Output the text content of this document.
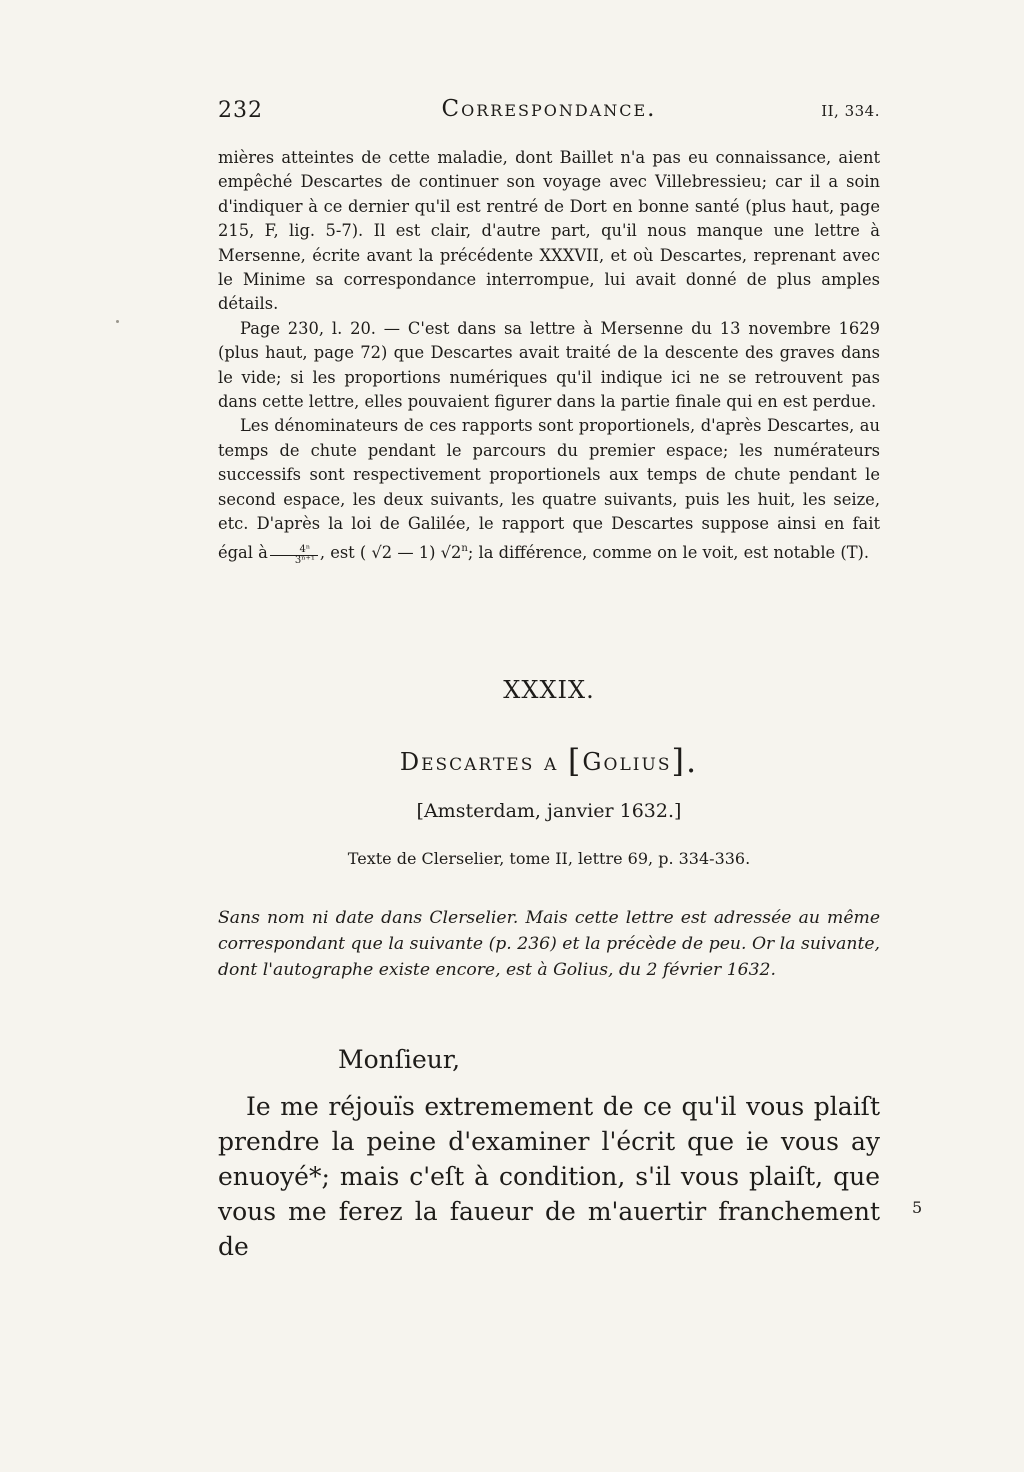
232	Correspondance.	II, 334.

mières atteintes de cette maladie, dont Baillet n'a pas eu connaissance, aient empêché Descartes de continuer son voyage avec Villebressieu; car il a soin d'indiquer à ce dernier qu'il est rentré de Dort en bonne santé (plus haut, page 215, F, lig. 5-7). Il est clair, d'autre part, qu'il nous manque une lettre à Mersenne, écrite avant la précédente XXXVII, et où Descartes, reprenant avec le Minime sa correspondance interrompue, lui avait donné de plus amples détails.

Page 230, l. 20. — C'est dans sa lettre à Mersenne du 13 novembre 1629 (plus haut, page 72) que Descartes avait traité de la descente des graves dans le vide; si les proportions numériques qu'il indique ici ne se retrouvent pas dans cette lettre, elles pouvaient figurer dans la partie finale qui en est perdue.

Les dénominateurs de ces rapports sont proportionels, d'après Descartes, au temps de chute pendant le parcours du premier espace; les numérateurs successifs sont respectivement proportionels aux temps de chute pendant le second espace, les deux suivants, les quatre suivants, puis les huit, les seize, etc. D'après la loi de Galilée, le rapport que Descartes suppose ainsi en fait égal à $\frac{\text{4ⁿ}}{\text{3ⁿ⁺¹}}$ , est ( √2 — 1) √2$^n$; la différence, comme on le voit, est notable (T).

XXXIX.
Descartes a [Golius].
[Amsterdam, janvier 1632.]
Texte de Clerselier, tome II, lettre 69, p. 334-336.

Sans nom ni date dans Clerselier. Mais cette lettre est adressée au même correspondant que la suivante (p. 236) et la précède de peu. Or la suivante, dont l'autographe existe encore, est à Golius, du 2 février 1632.

Monſieur,

Ie me réjouïs extremement de ce qu'il vous plaiſt prendre la peine d'examiner l'écrit que ie vous ay enuoyé*; mais c'eſt à condition, s'il vous plaiſt, que vous me ferez la faueur de m'auertir franchement de

5
